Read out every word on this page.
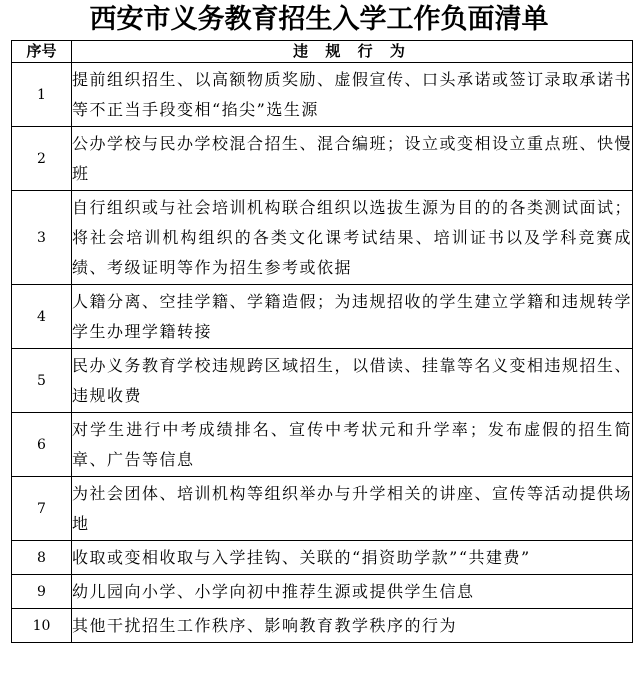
西安市义务教育招生入学工作负面清单
序号	违 规 行 为
1	提前组织招生、以高额物质奖励、虚假宣传、口头承诺或签订录取承诺书等不正当手段变相“掐尖”选生源
2	公办学校与民办学校混合招生、混合编班；设立或变相设立重点班、快慢班
3	自行组织或与社会培训机构联合组织以选拔生源为目的的各类测试面试；将社会培训机构组织的各类文化课考试结果、培训证书以及学科竞赛成绩、考级证明等作为招生参考或依据
4	人籍分离、空挂学籍、学籍造假；为违规招收的学生建立学籍和违规转学学生办理学籍转接
5	民办义务教育学校违规跨区域招生，以借读、挂靠等名义变相违规招生、违规收费
6	对学生进行中考成绩排名、宣传中考状元和升学率；发布虚假的招生简章、广告等信息
7	为社会团体、培训机构等组织举办与升学相关的讲座、宣传等活动提供场地
8	收取或变相收取与入学挂钩、关联的“捐资助学款”“共建费”
9	幼儿园向小学、小学向初中推荐生源或提供学生信息
10	其他干扰招生工作秩序、影响教育教学秩序的行为
